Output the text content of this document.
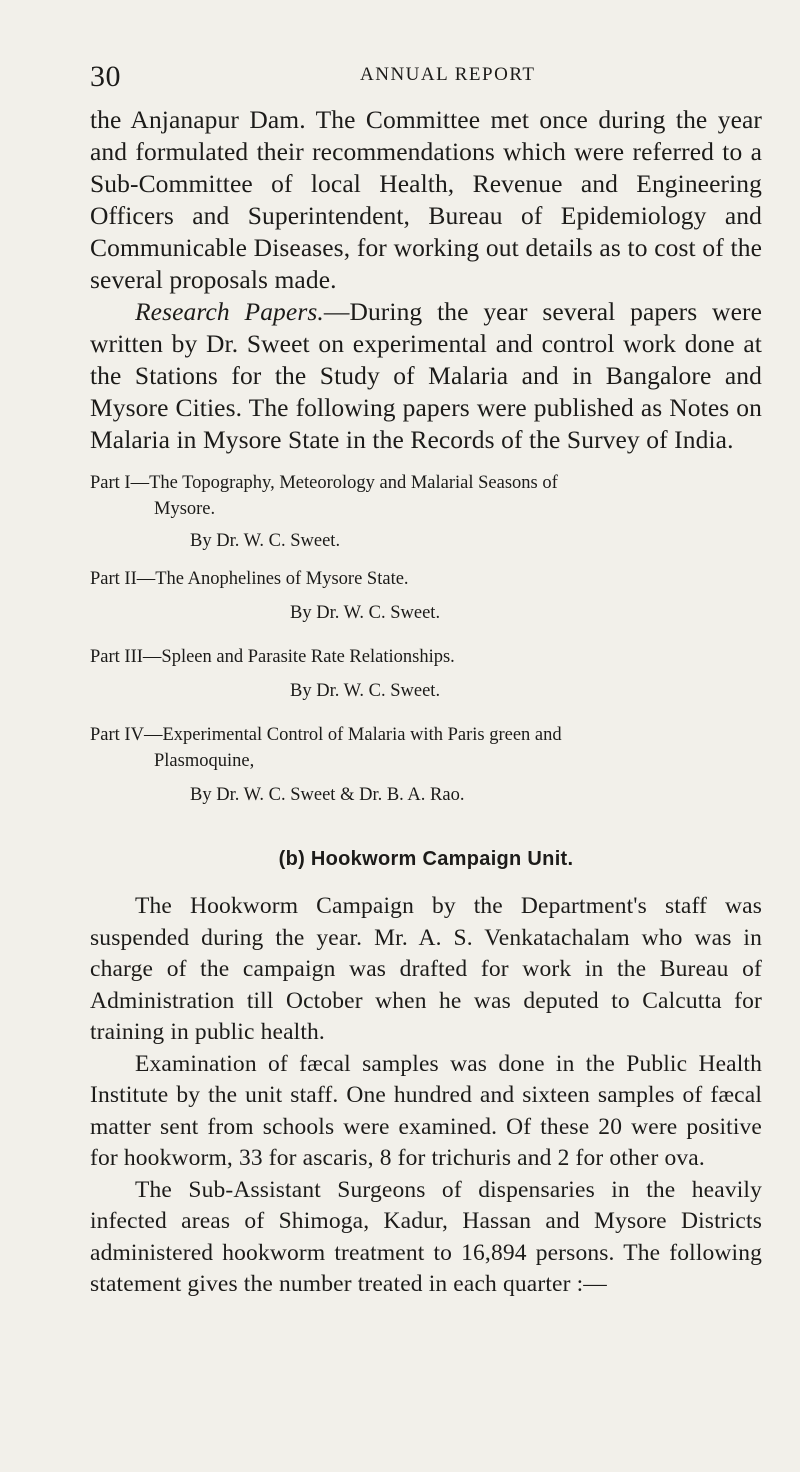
30	ANNUAL REPORT

the Anjanapur Dam. The Committee met once during the year and formulated their recommendations which were referred to a Sub-Committee of local Health, Revenue and Engineering Officers and Superintendent, Bureau of Epidemiology and Communicable Diseases, for working out details as to cost of the several proposals made.

Research Papers.—During the year several papers were written by Dr. Sweet on experimental and control work done at the Stations for the Study of Malaria and in Bangalore and Mysore Cities. The following papers were published as Notes on Malaria in Mysore State in the Records of the Survey of India.

Part I—The Topography, Meteorology and Malarial Seasons of
Mysore.
By Dr. W. C. Sweet.
Part II—The Anophelines of Mysore State.
By Dr. W. C. Sweet.
Part III—Spleen and Parasite Rate Relationships.
By Dr. W. C. Sweet.
Part IV—Experimental Control of Malaria with Paris green and
Plasmoquine,
By Dr. W. C. Sweet & Dr. B. A. Rao.
(b) Hookworm Campaign Unit.

The Hookworm Campaign by the Department's staff was suspended during the year. Mr. A. S. Venkatachalam who was in charge of the campaign was drafted for work in the Bureau of Administration till October when he was deputed to Calcutta for training in public health.

Examination of fæcal samples was done in the Public Health Institute by the unit staff. One hundred and sixteen samples of fæcal matter sent from schools were examined. Of these 20 were positive for hookworm, 33 for ascaris, 8 for trichuris and 2 for other ova.

The Sub-Assistant Surgeons of dispensaries in the heavily infected areas of Shimoga, Kadur, Hassan and Mysore Districts administered hookworm treatment to 16,894 persons. The following statement gives the number treated in each quarter :—
